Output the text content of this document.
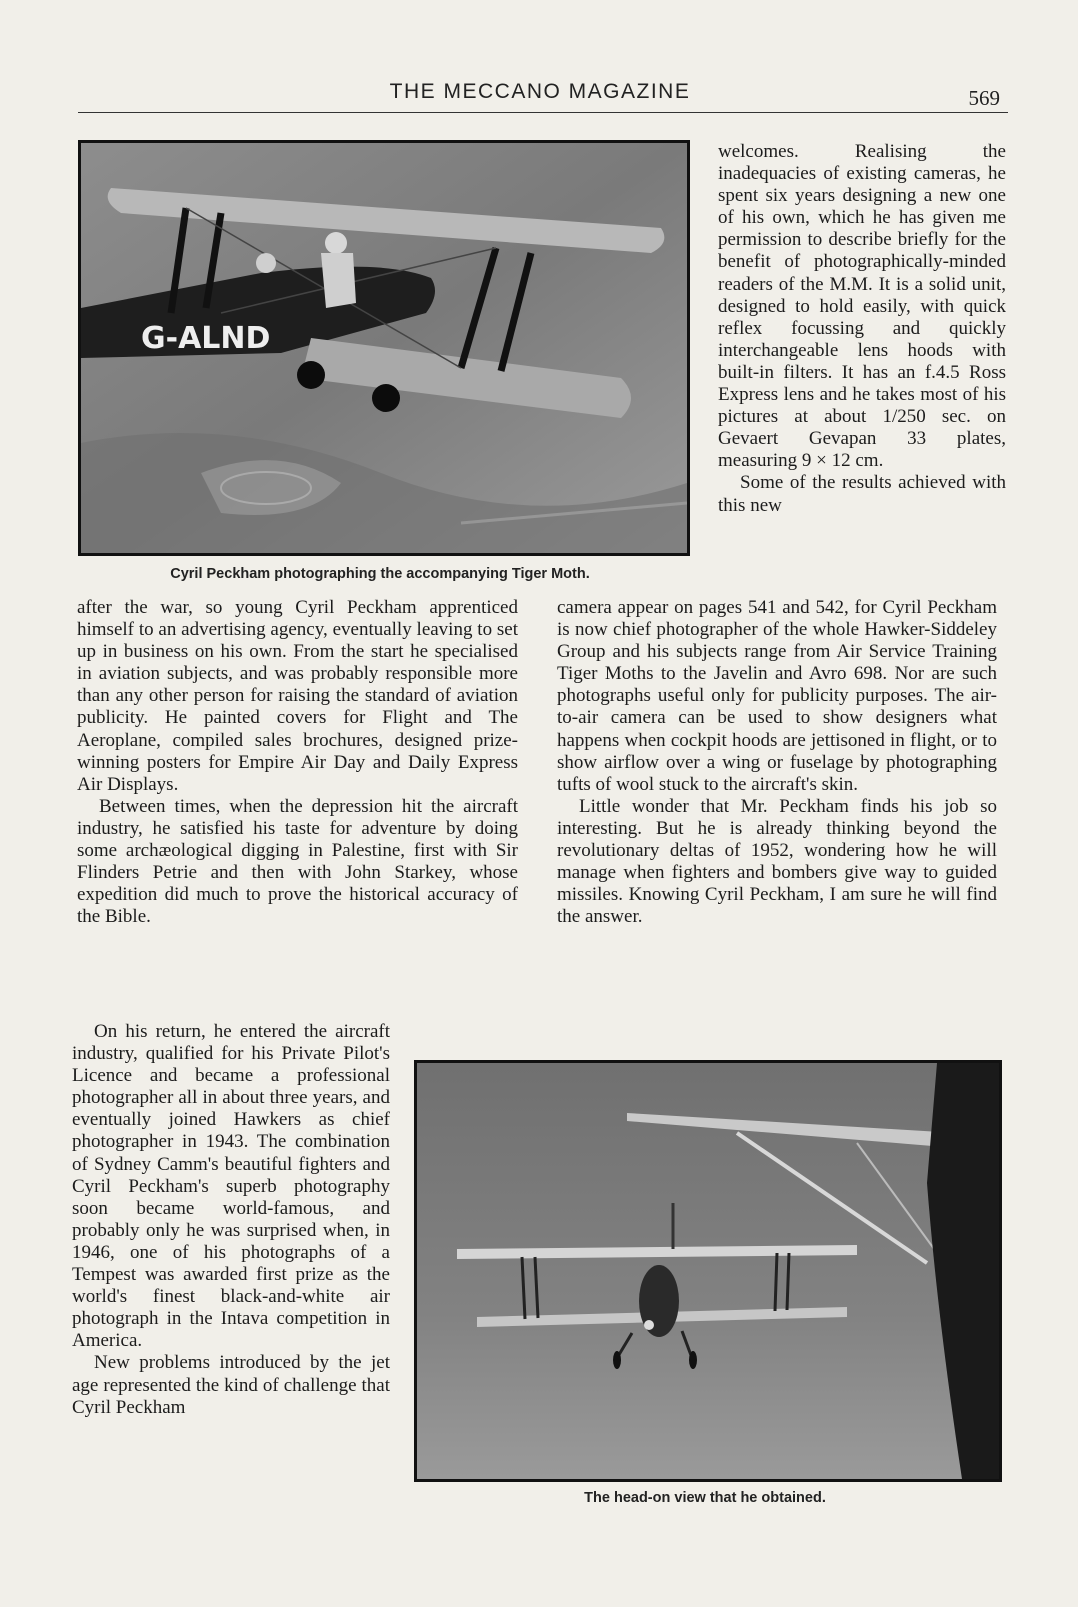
THE MECCANO MAGAZINE	569
G-ALND
Cyril Peckham photographing the accompanying Tiger Moth.
The head-on view that he obtained.

welcomes. Realising the inadequacies of existing cameras, he spent six years designing a new one of his own, which he has given me permission to describe briefly for the benefit of photographically-minded readers of the M.M. It is a solid unit, designed to hold easily, with quick reflex focussing and quickly interchangeable lens hoods with built-in filters. It has an f.4.5 Ross Express lens and he takes most of his pictures at about 1/250 sec. on Gevaert Gevapan 33 plates, measuring 9 × 12 cm.

Some of the results achieved with this new

after the war, so young Cyril Peckham apprenticed himself to an advertising agency, eventually leaving to set up in business on his own. From the start he specialised in aviation subjects, and was probably responsible more than any other person for raising the standard of aviation publicity. He painted covers for Flight and The Aeroplane, compiled sales brochures, designed prize-winning posters for Empire Air Day and Daily Express Air Displays.

Between times, when the depression hit the aircraft industry, he satisfied his taste for adventure by doing some archæological digging in Palestine, first with Sir Flinders Petrie and then with John Starkey, whose expedition did much to prove the historical accuracy of the Bible.

camera appear on pages 541 and 542, for Cyril Peckham is now chief photographer of the whole Hawker-Siddeley Group and his subjects range from Air Service Training Tiger Moths to the Javelin and Avro 698. Nor are such photographs useful only for publicity purposes. The air-to-air camera can be used to show designers what happens when cockpit hoods are jettisoned in flight, or to show airflow over a wing or fuselage by photographing tufts of wool stuck to the aircraft's skin.

Little wonder that Mr. Peckham finds his job so interesting. But he is already thinking beyond the revolutionary deltas of 1952, wondering how he will manage when fighters and bombers give way to guided missiles. Knowing Cyril Peckham, I am sure he will find the answer.

On his return, he entered the aircraft industry, qualified for his Private Pilot's Licence and became a professional photographer all in about three years, and eventually joined Hawkers as chief photographer in 1943. The combination of Sydney Camm's beautiful fighters and Cyril Peckham's superb photography soon became world-famous, and probably only he was surprised when, in 1946, one of his photographs of a Tempest was awarded first prize as the world's finest black-and-white air photograph in the Intava competition in America.

New problems introduced by the jet age represented the kind of challenge that Cyril Peckham
